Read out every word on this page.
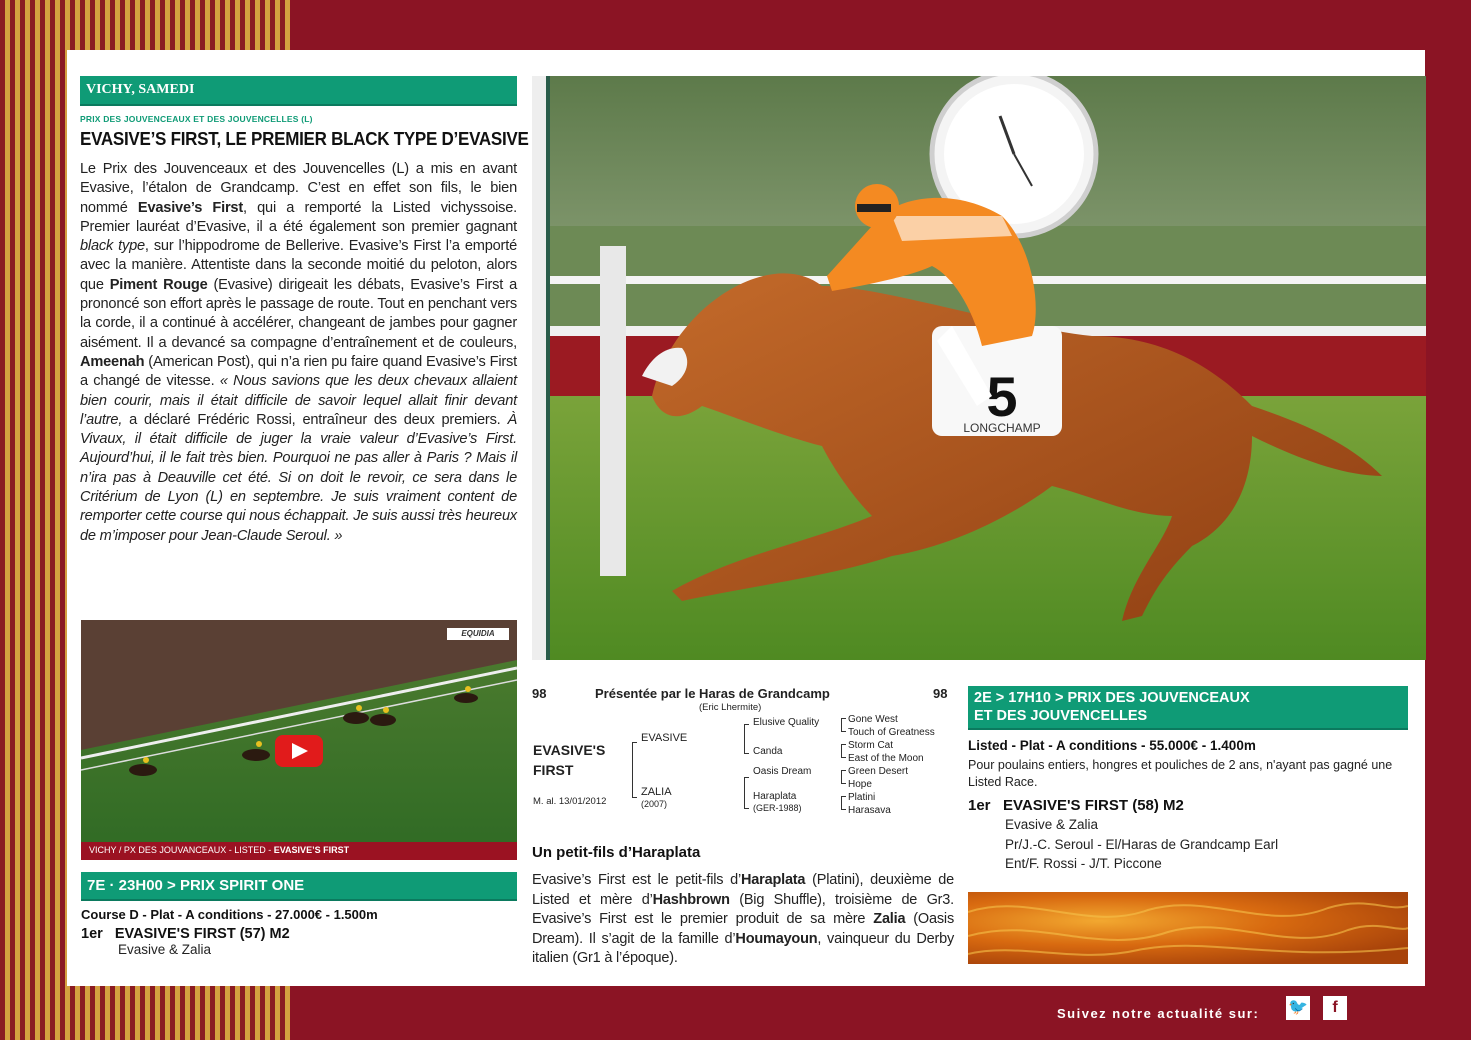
VICHY, SAMEDI
PRIX DES JOUVENCEAUX ET DES JOUVENCELLES (L)
EVASIVE’S FIRST, LE PREMIER BLACK TYPE D’EVASIVE

Le Prix des Jouvenceaux et des Jouvencelles (L) a mis en avant Evasive, l’étalon de Grandcamp. C’est en effet son fils, le bien nommé Evasive’s First, qui a remporté la Listed vichyssoise. Premier lauréat d’Evasive, il a été également son premier gagnant black type, sur l’hippodrome de Bellerive. Evasive’s First l’a emporté avec la manière. Attentiste dans la seconde moitié du peloton, alors que Piment Rouge (Evasive) dirigeait les débats, Evasive’s First a prononcé son effort après le passage de route. Tout en penchant vers la corde, il a continué à accélérer, changeant de jambes pour gagner aisément. Il a devancé sa compagne d’entraînement et de couleurs, Ameenah (American Post), qui n’a rien pu faire quand Evasive’s First a changé de vitesse. « Nous savions que les deux chevaux allaient bien courir, mais il était difficile de savoir lequel allait finir devant l’autre, a déclaré Frédéric Rossi, entraîneur des deux premiers. À Vivaux, il était difficile de juger la vraie valeur d’Evasive’s First. Aujourd’hui, il le fait très bien. Pourquoi ne pas aller à Paris ? Mais il n’ira pas à Deauville cet été. Si on doit le revoir, ce sera dans le Critérium de Lyon (L) en septembre. Je suis vraiment content de remporter cette course qui nous échappait. Je suis aussi très heureux de m’imposer pour Jean-Claude Seroul. »

EQUIDIA
VICHY / PX DES JOUVANCEAUX - LISTED - EVASIVE’S FIRST
7E · 23H00 > PRIX SPIRIT ONE
Course D - Plat - A conditions - 27.000€ - 1.500m
1er EVASIVE'S FIRST (57) M2
Evasive & Zalia
5
LONGCHAMP
98	Présentée par le Haras de Grandcamp	98
(Eric Lhermite)
EVASIVE'S
FIRST
M. al. 13/01/2012
EVASIVE
ZALIA
(2007)
Elusive Quality
Canda
Oasis Dream
Haraplata
(GER-1988)
Gone West
Touch of Greatness
Storm Cat
East of the Moon
Green Desert
Hope
Platini
Harasava
Un petit-fils d’Haraplata
Evasive’s First est le petit-fils d’Haraplata (Platini), deuxième de Listed et mère d’Hashbrown (Big Shuffle), troisième de Gr3. Evasive’s First est le premier produit de sa mère Zalia (Oasis Dream). Il s’agit de la famille d’Houmayoun, vainqueur du Derby italien (Gr1 à l’époque).
2E > 17H10 > PRIX DES JOUVENCEAUX
ET DES JOUVENCELLES
Listed - Plat - A conditions - 55.000€ - 1.400m
Pour poulains entiers, hongres et pouliches de 2 ans, n'ayant pas gagné une Listed Race.
1er EVASIVE'S FIRST (58) M2
Evasive & Zalia
Pr/J.-C. Seroul - El/Haras de Grandcamp Earl
Ent/F. Rossi - J/T. Piccone
Suivez notre actualité sur: 🐦	f
